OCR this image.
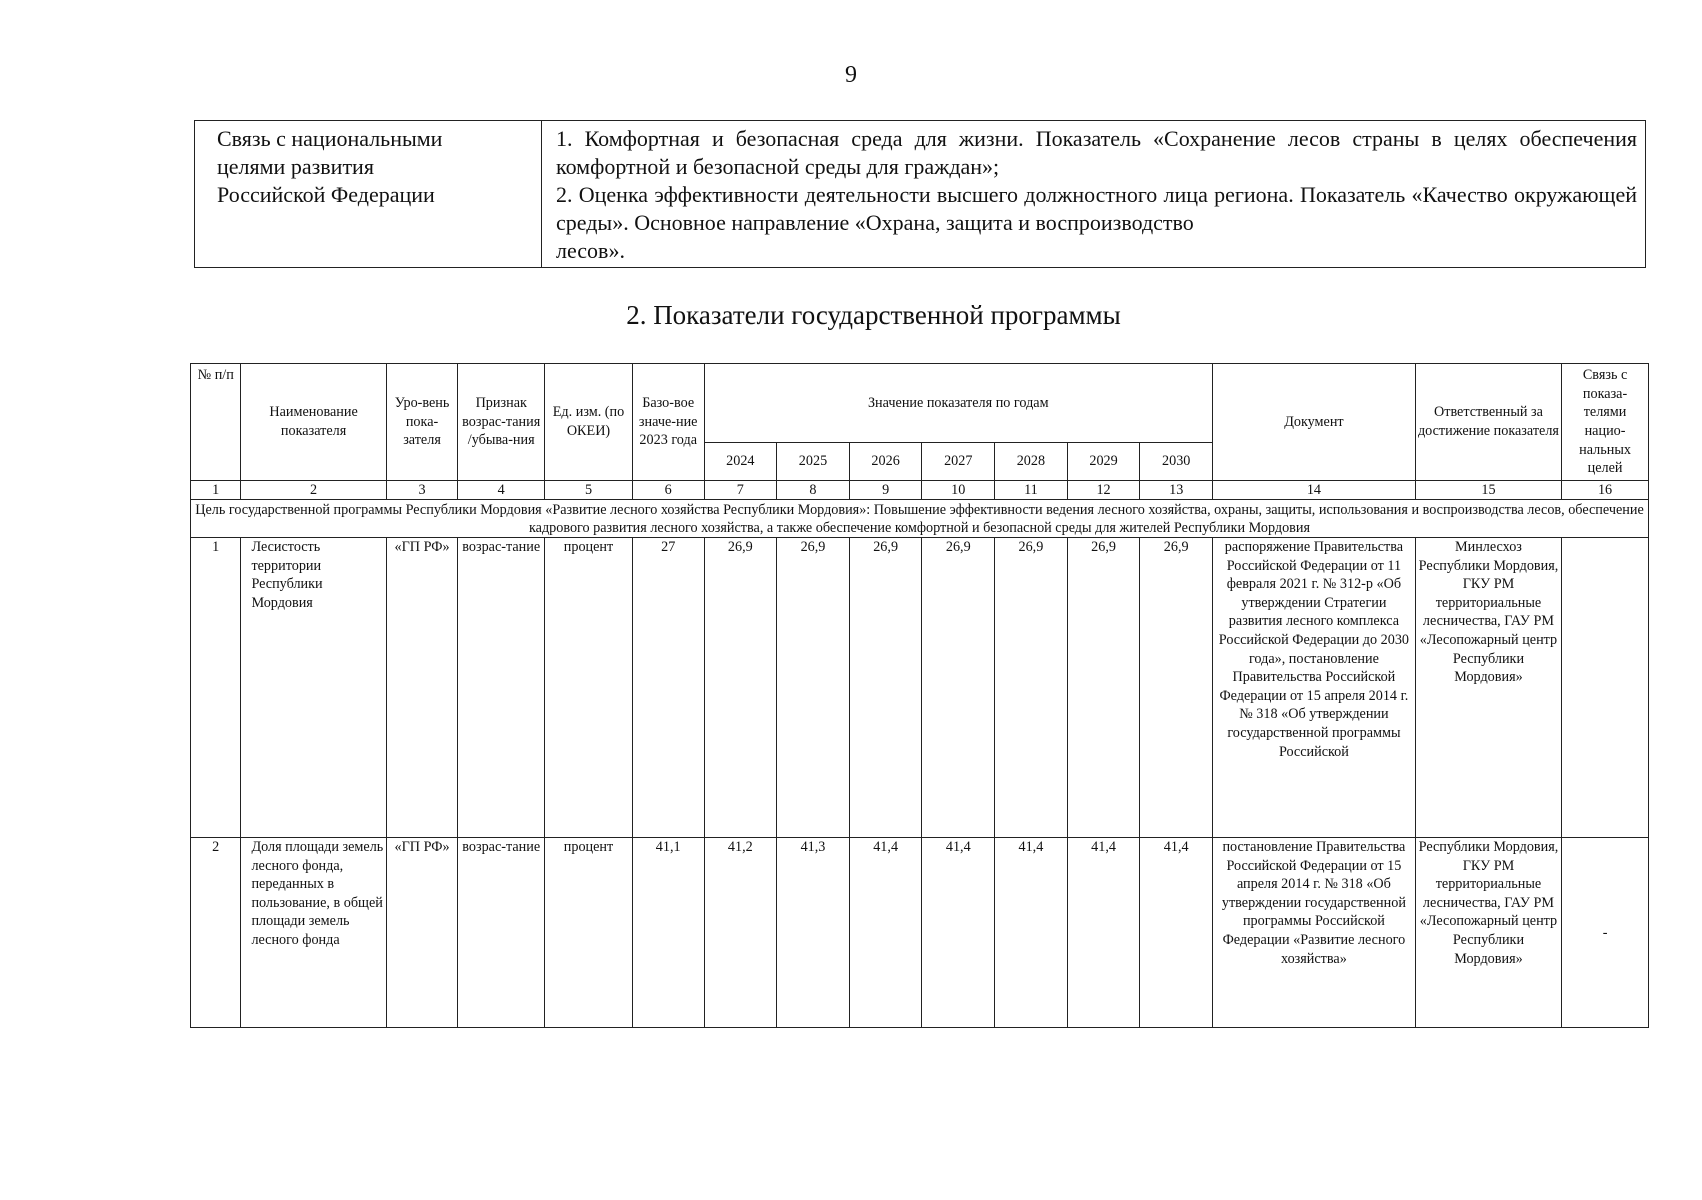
9
Связь с национальными
целями развития
Российской Федерации

1. Комфортная и безопасная среда для жизни. Показатель «Сохранение лесов страны в целях обеспечения комфортной и безопасной среды для граждан»;
2. Оценка эффективности деятельности высшего должностного лица региона. Показатель «Качество окружающей среды». Основное направление «Охрана, защита и воспроизводство
лесов».
2. Показатели государственной программы
№ п/п	Наименование показателя	Уро-вень пока-зателя	Признак возрас-тания /убыва-ния	Ед. изм. (по ОКЕИ)	Базо-вое значе-ние 2023 года	Значение показателя по годам							Документ	Ответственный за достижение показателя	Связь с показа-телями нацио-нальных целей
						2024	2025	2026	2027	2028	2029	2030			
1	2	3	4	5	6	7	8	9	10	11	12	13	14	15	16
Цель государственной программы Республики Мордовия «Развитие лесного хозяйства Республики Мордовия»: Повышение эффективности ведения лесного хозяйства, охраны, защиты, использования и воспроизводства лесов, обеспечение кадрового развития лесного хозяйства, а также обеспечение комфортной и безопасной среды для жителей Республики Мордовия															
1	Лесистость территории Республики Мордовия	«ГП РФ»	возрас-тание	процент	27	26,9	26,9	26,9	26,9	26,9	26,9	26,9	распоряжение Правительства Российской Федерации от 11 февраля 2021 г. № 312-р «Об утверждении Стратегии развития лесного комплекса Российской Федерации до 2030 года», постановление Правительства Российской Федерации от 15 апреля 2014 г. № 318 «Об утверждении государственной программы Российской	Минлесхоз Республики Мордовия, ГКУ РМ территориальные лесничества, ГАУ РМ «Лесопожарный центр Республики Мордовия»	
2	Доля площади земель лесного фонда, переданных в пользование, в общей площади земель лесного фонда	«ГП РФ»	возрас-тание	процент	41,1	41,2	41,3	41,4	41,4	41,4	41,4	41,4	постановление Правительства Российской Федерации от 15 апреля 2014 г. № 318 «Об утверждении государственной программы Российской Федерации «Развитие лесного хозяйства»	Республики Мордовия, ГКУ РМ территориальные лесничества, ГАУ РМ «Лесопожарный центр Республики Мордовия»	-
